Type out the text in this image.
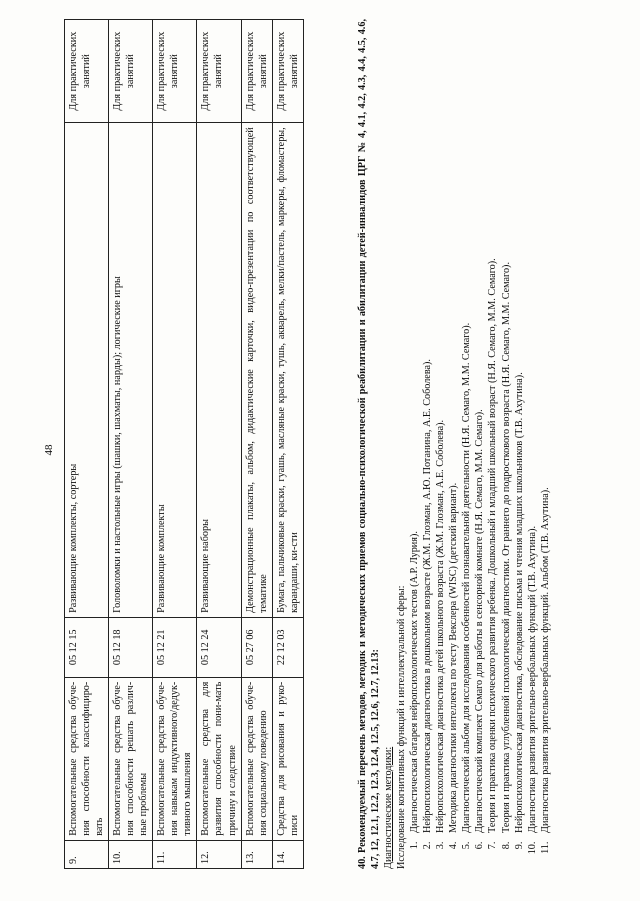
48
9.	Вспомогательные средства обуче-ния способности классифициро-вать	05 12 15	Развивающие комплекты, сортеры	Для практических занятий
10.	Вспомогательные средства обуче-ния способности решать различ-ные проблемы	05 12 18	Головоломки и настольные игры (шашки, шахматы, нарды); логические игры	Для практических занятий
11.	Вспомогательные средства обуче-ния навыкам индуктивного/дедук-тивного мышления	05 12 21	Развивающие комплекты	Для практических занятий
12.	Вспомогательные средства для развития способности пони-мать причину и следствие	05 12 24	Развивающие наборы	Для практических занятий
13.	Вспомогательные средства обуче-ния социальному поведению	05 27 06	Демонстрационные плакаты, альбом, дидактические карточки, видео-презентации по соответствующей тематике	Для практических занятий
14.	Средства для рисования и руко-писи	22 12 03	Бумага, пальчиковые краски, гуашь, масляные краски, тушь, акварель, мелки/пастель, маркеры, фломастеры, карандаши, ки-сти	Для практических занятий	40. Рекомендуемый перечень методов, методик и методических приемов социально-психологической реабилитации и абилитации детей-инвалидов ЦРГ № 4, 4.1, 4.2, 4.3, 4.4, 4.5, 4.6, 4.7, 12, 12.1, 12.2, 12.3, 12.4, 12.5, 12.6, 12.7, 12.13: Диагностические методики: Исследование когнитивных функций и интеллектуальной сферы: 1. Диагностическая батарея нейропсихологических тестов (А.Р. Лурия). 2. Нейропсихологическая диагностика в дошкольном возрасте (Ж.М. Глозман, А.Ю. Потанина, А.Е. Соболева). 3. Нейропсихологическая диагностика детей школьного возраста (Ж.М. Глозман, А.Е. Соболева). 4. Методика диагностики интеллекта по тесту Векслера (WISC) (детский вариант). 5. Диагностический альбом для исследования особенностей познавательной деятельности (Н.Я. Семаго, М.М. Семаго). 6. Диагностический комплект Семаго для работы в сенсорной комнате (Н.Я. Семаго, М.М. Семаго). 7. Теория и практика оценки психического развития ребенка. Дошкольный и младший школьный возраст (Н.Я. Семаго, М.М. Семаго). 8. Теория и практика углубленной психологической диагностики. От раннего до подросткового возраста (Н.Я. Семаго, М.М. Семаго). 9. Нейропсихологическая диагностика, обследование письма и чтения младших школьников (Т.В. Ахутина). 10. Диагностика развития зрительно-вербальных функций (Т.В. Ахутина). 11. Диагностика развития зрительно-вербальных функций. Альбом (Т.В. Ахутина).
